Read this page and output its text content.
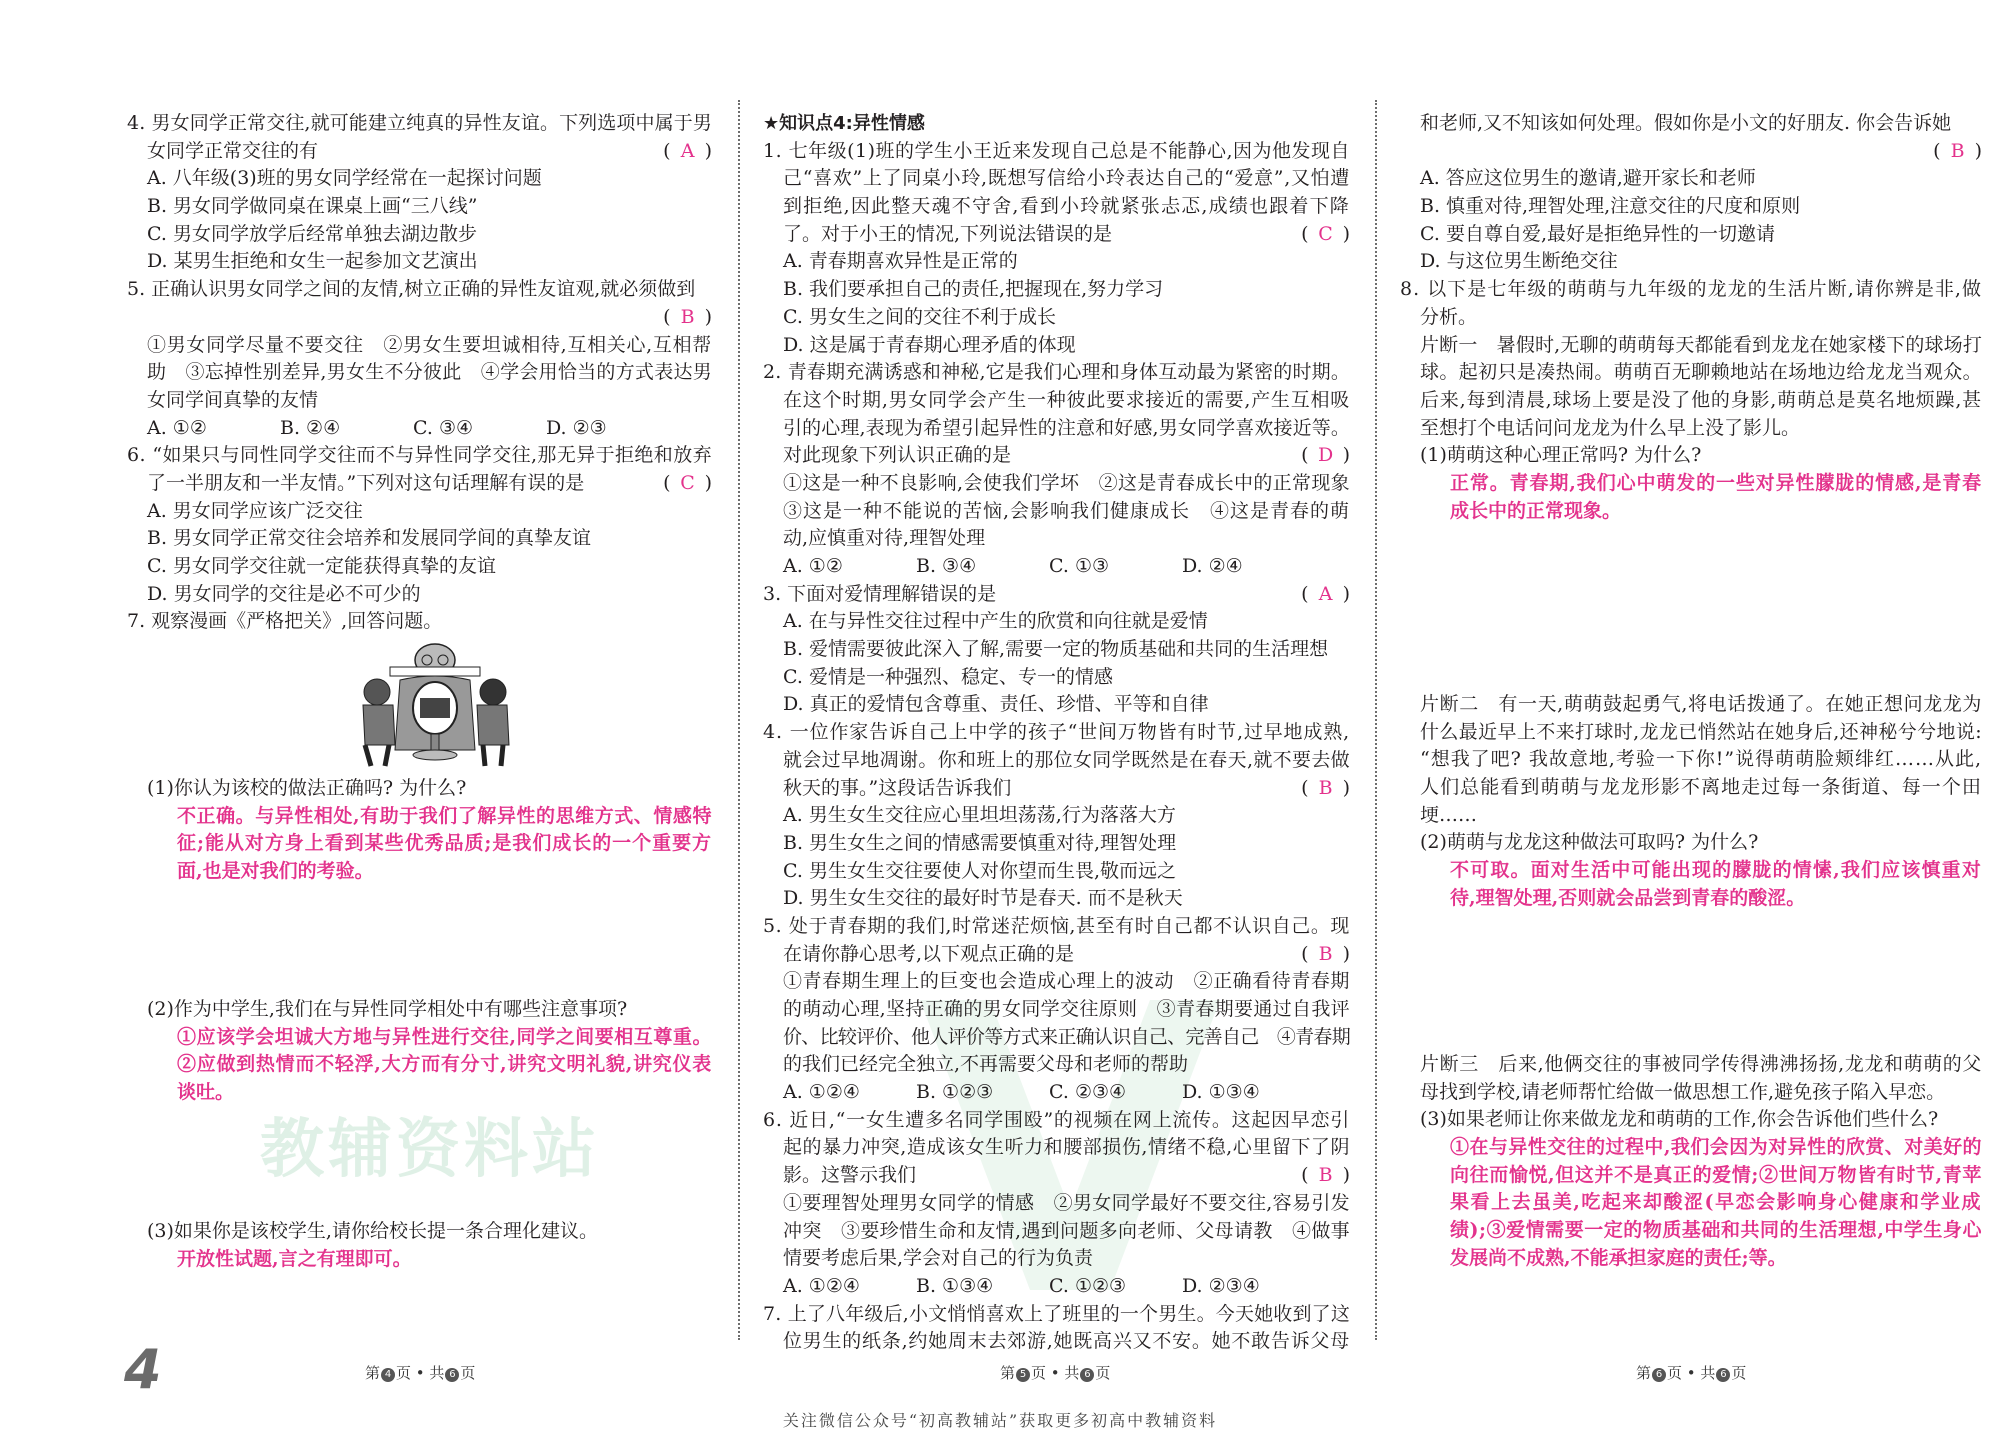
教辅资料站
4. 男女同学正常交往,就可能建立纯真的异性友谊。下列选项中属于男
女同学正常交往的有	( A )
A. 八年级(3)班的男女同学经常在一起探讨问题
B. 男女同学做同桌在课桌上画“三八线”
C. 男女同学放学后经常单独去湖边散步
D. 某男生拒绝和女生一起参加文艺演出
5. 正确认识男女同学之间的友情,树立正确的异性友谊观,就必须做到
( B )
①男女同学尽量不要交往　②男女生要坦诚相待,互相关心,互相帮
助　③忘掉性别差异,男女生不分彼此　④学会用恰当的方式表达男
女同学间真挚的友情
A. ①②	B. ②④	C. ③④	D. ②③
6. “如果只与同性同学交往而不与异性同学交往,那无异于拒绝和放弃
了一半朋友和一半友情。”下列对这句话理解有误的是	( C )
A. 男女同学应该广泛交往
B. 男女同学正常交往会培养和发展同学间的真挚友谊
C. 男女同学交往就一定能获得真挚的友谊
D. 男女同学的交往是必不可少的
7. 观察漫画《严格把关》,回答问题。
(1)你认为该校的做法正确吗? 为什么?
不正确。与异性相处,有助于我们了解异性的思维方式、情感特
征;能从对方身上看到某些优秀品质;是我们成长的一个重要方
面,也是对我们的考验。
(2)作为中学生,我们在与异性同学相处中有哪些注意事项?
①应该学会坦诚大方地与异性进行交往,同学之间要相互尊重。
②应做到热情而不轻浮,大方而有分寸,讲究文明礼貌,讲究仪表
谈吐。
(3)如果你是该校学生,请你给校长提一条合理化建议。
开放性试题,言之有理即可。
★知识点4:异性情感
1. 七年级(1)班的学生小王近来发现自己总是不能静心,因为他发现自
己“喜欢”上了同桌小玲,既想写信给小玲表达自己的“爱意”,又怕遭
到拒绝,因此整天魂不守舍,看到小玲就紧张忐忑,成绩也跟着下降
了。对于小王的情况,下列说法错误的是	( C )
A. 青春期喜欢异性是正常的
B. 我们要承担自己的责任,把握现在,努力学习
C. 男女生之间的交往不利于成长
D. 这是属于青春期心理矛盾的体现
2. 青春期充满诱惑和神秘,它是我们心理和身体互动最为紧密的时期。
在这个时期,男女同学会产生一种彼此要求接近的需要,产生互相吸
引的心理,表现为希望引起异性的注意和好感,男女同学喜欢接近等。
对此现象下列认识正确的是	( D )
①这是一种不良影响,会使我们学坏　②这是青春成长中的正常现象
③这是一种不能说的苦恼,会影响我们健康成长　④这是青春的萌
动,应慎重对待,理智处理
A. ①②	B. ③④	C. ①③	D. ②④
3. 下面对爱情理解错误的是	( A )
A. 在与异性交往过程中产生的欣赏和向往就是爱情
B. 爱情需要彼此深入了解,需要一定的物质基础和共同的生活理想
C. 爱情是一种强烈、稳定、专一的情感
D. 真正的爱情包含尊重、责任、珍惜、平等和自律
4. 一位作家告诉自己上中学的孩子“世间万物皆有时节,过早地成熟,
就会过早地凋谢。你和班上的那位女同学既然是在春天,就不要去做
秋天的事。”这段话告诉我们	( B )
A. 男生女生交往应心里坦坦荡荡,行为落落大方
B. 男生女生之间的情感需要慎重对待,理智处理
C. 男生女生交往要使人对你望而生畏,敬而远之
D. 男生女生交往的最好时节是春天. 而不是秋天
5. 处于青春期的我们,时常迷茫烦恼,甚至有时自己都不认识自己。现
在请你静心思考,以下观点正确的是	( B )
①青春期生理上的巨变也会造成心理上的波动　②正确看待青春期
的萌动心理,坚持正确的男女同学交往原则　③青春期要通过自我评
价、比较评价、他人评价等方式来正确认识自己、完善自己　④青春期
的我们已经完全独立,不再需要父母和老师的帮助
A. ①②④	B. ①②③	C. ②③④	D. ①③④
6. 近日,“一女生遭多名同学围殴”的视频在网上流传。这起因早恋引
起的暴力冲突,造成该女生听力和腰部损伤,情绪不稳,心里留下了阴
影。这警示我们	( B )
①要理智处理男女同学的情感　②男女同学最好不要交往,容易引发
冲突　③要珍惜生命和友情,遇到问题多向老师、父母请教　④做事
情要考虑后果,学会对自己的行为负责
A. ①②④	B. ①③④	C. ①②③	D. ②③④
7. 上了八年级后,小文悄悄喜欢上了班里的一个男生。今天她收到了这
位男生的纸条,约她周末去郊游,她既高兴又不安。她不敢告诉父母
和老师,又不知该如何处理。假如你是小文的好朋友. 你会告诉她
( B )
A. 答应这位男生的邀请,避开家长和老师
B. 慎重对待,理智处理,注意交往的尺度和原则
C. 要自尊自爱,最好是拒绝异性的一切邀请
D. 与这位男生断绝交往
8. 以下是七年级的萌萌与九年级的龙龙的生活片断,请你辨是非,做
分析。
片断一　暑假时,无聊的萌萌每天都能看到龙龙在她家楼下的球场打
球。起初只是凑热闹。萌萌百无聊赖地站在场地边给龙龙当观众。
后来,每到清晨,球场上要是没了他的身影,萌萌总是莫名地烦躁,甚
至想打个电话问问龙龙为什么早上没了影儿。
(1)萌萌这种心理正常吗? 为什么?
正常。青春期,我们心中萌发的一些对异性朦胧的情感,是青春
成长中的正常现象。
片断二　有一天,萌萌鼓起勇气,将电话拨通了。在她正想问龙龙为
什么最近早上不来打球时,龙龙已悄然站在她身后,还神秘兮兮地说:
“想我了吧? 我故意地,考验一下你!”说得萌萌脸颊绯红……从此,
人们总能看到萌萌与龙龙形影不离地走过每一条街道、每一个田
埂……
(2)萌萌与龙龙这种做法可取吗? 为什么?
不可取。面对生活中可能出现的朦胧的情愫,我们应该慎重对
待,理智处理,否则就会品尝到青春的酸涩。
片断三　后来,他俩交往的事被同学传得沸沸扬扬,龙龙和萌萌的父
母找到学校,请老师帮忙给做一做思想工作,避免孩子陷入早恋。
(3)如果老师让你来做龙龙和萌萌的工作,你会告诉他们些什么?
①在与异性交往的过程中,我们会因为对异性的欣赏、对美好的
向往而愉悦,但这并不是真正的爱情;②世间万物皆有时节,青苹
果看上去虽美,吃起来却酸涩(早恋会影响身心健康和学业成
绩);③爱情需要一定的物质基础和共同的生活理想,中学生身心
发展尚不成熟,不能承担家庭的责任;等。
4	第 4 页 • 共 6 页	第 5 页 • 共 6 页	第 6 页 • 共 6 页
关注微信公众号“初高教辅站”获取更多初高中教辅资料
